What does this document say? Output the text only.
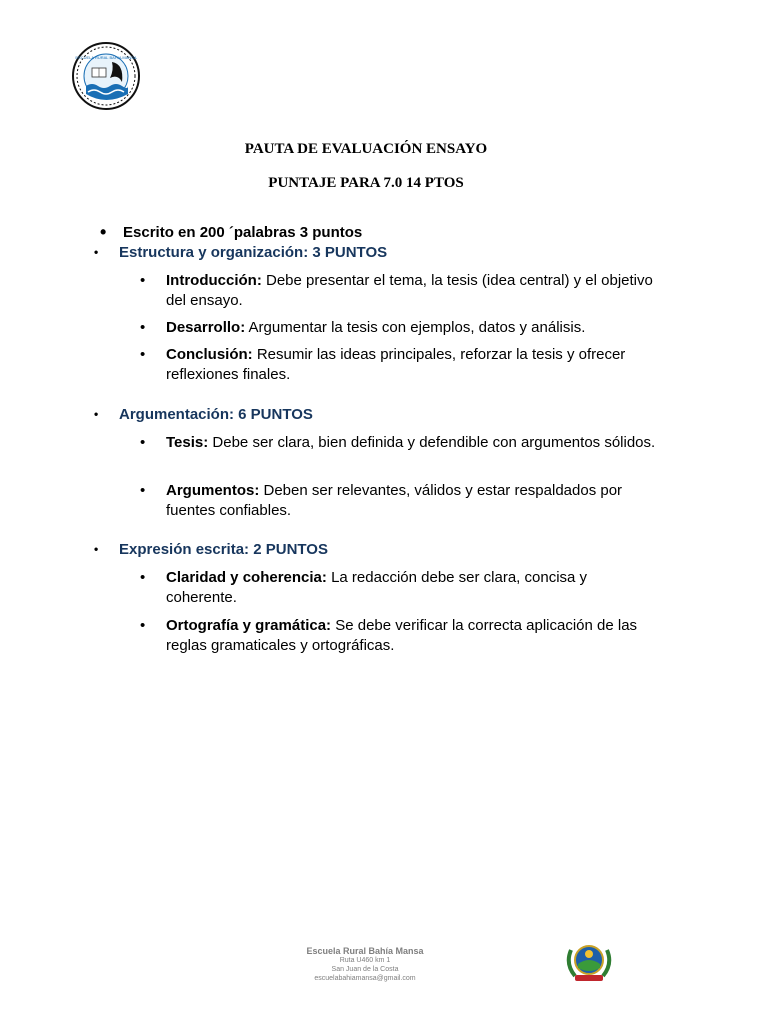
ESCUELA RURAL BAHIA MANSA
PAUTA DE EVALUACIÓN ENSAYO
PUNTAJE PARA 7.0 14 PTOS
• Escrito en 200 ´palabras 3 puntos
• Estructura y organización: 3 PUNTOS
• Introducción: Debe presentar el tema, la tesis (idea central) y el objetivo del ensayo.
• Desarrollo: Argumentar la tesis con ejemplos, datos y análisis.
• Conclusión: Resumir las ideas principales, reforzar la tesis y ofrecer reflexiones finales.
• Argumentación: 6 PUNTOS
• Tesis: Debe ser clara, bien definida y defendible con argumentos sólidos.
• Argumentos: Deben ser relevantes, válidos y estar respaldados por fuentes confiables.
• Expresión escrita: 2 PUNTOS
• Claridad y coherencia: La redacción debe ser clara, concisa y coherente.
• Ortografía y gramática: Se debe verificar la correcta aplicación de las reglas gramaticales y ortográficas.
Escuela Rural Bahía Mansa
Ruta U460 km 1
San Juan de la Costa
escuelabahiamansa@gmail.com
